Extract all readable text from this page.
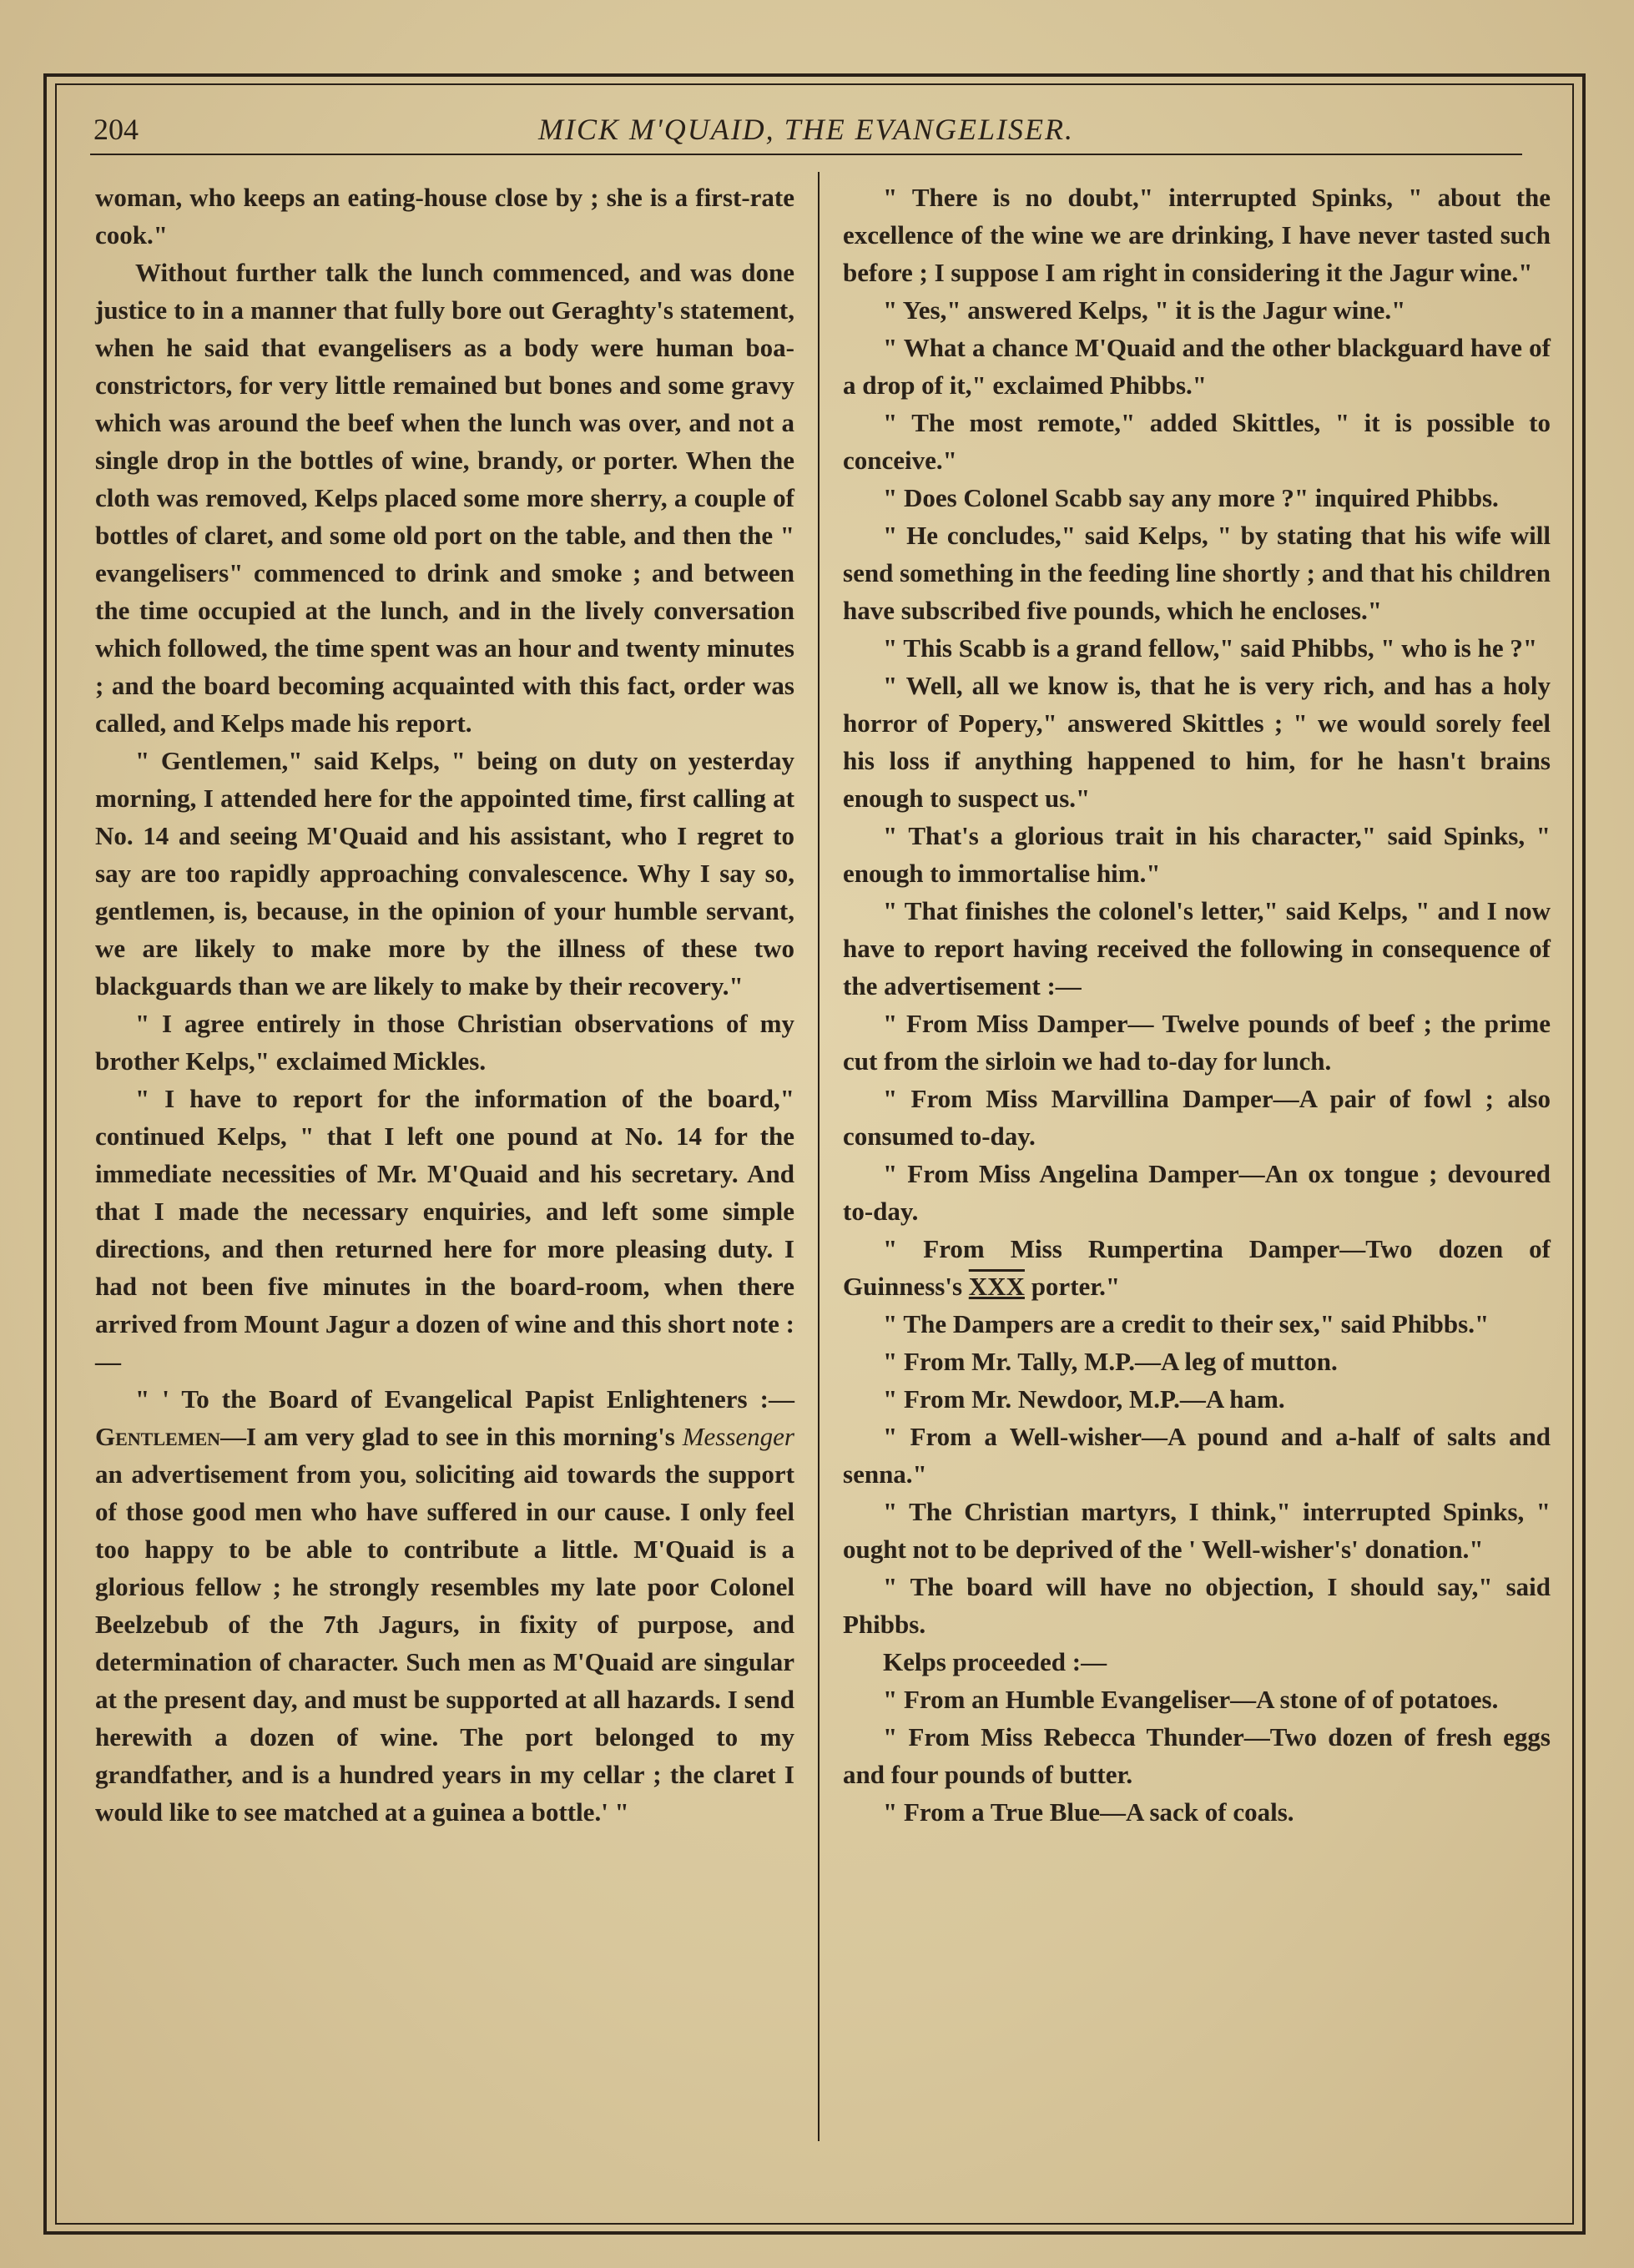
204	MICK M'QUAID, THE EVANGELISER.

woman, who keeps an eating-house close by ; she is a first-rate cook."

Without further talk the lunch commenced, and was done justice to in a manner that fully bore out Geraghty's statement, when he said that evangelisers as a body were human boa-constrictors, for very little remained but bones and some gravy which was around the beef when the lunch was over, and not a single drop in the bottles of wine, brandy, or porter. When the cloth was removed, Kelps placed some more sherry, a couple of bottles of claret, and some old port on the table, and then the " evangelisers" commenced to drink and smoke ; and between the time occupied at the lunch, and in the lively conversation which followed, the time spent was an hour and twenty minutes ; and the board becoming acquainted with this fact, order was called, and Kelps made his report.

" Gentlemen," said Kelps, " being on duty on yesterday morning, I attended here for the appointed time, first calling at No. 14 and seeing M'Quaid and his assistant, who I regret to say are too rapidly approaching convalescence. Why I say so, gentlemen, is, because, in the opinion of your humble servant, we are likely to make more by the illness of these two blackguards than we are likely to make by their recovery."

" I agree entirely in those Christian observations of my brother Kelps," exclaimed Mickles.

" I have to report for the information of the board," continued Kelps, " that I left one pound at No. 14 for the immediate necessities of Mr. M'Quaid and his secretary. And that I made the necessary enquiries, and left some simple directions, and then returned here for more pleasing duty. I had not been five minutes in the board-room, when there arrived from Mount Jagur a dozen of wine and this short note :—

" ' To the Board of Evangelical Papist Enlighteners :—Gentlemen—I am very glad to see in this morning's Messenger an advertisement from you, soliciting aid towards the support of those good men who have suffered in our cause. I only feel too happy to be able to contribute a little. M'Quaid is a glorious fellow ; he strongly resembles my late poor Colonel Beelzebub of the 7th Jagurs, in fixity of purpose, and determination of character. Such men as M'Quaid are singular at the present day, and must be supported at all hazards. I send herewith a dozen of wine. The port belonged to my grandfather, and is a hundred years in my cellar ; the claret I would like to see matched at a guinea a bottle.' "

" There is no doubt," interrupted Spinks, " about the excellence of the wine we are drinking, I have never tasted such before ; I suppose I am right in considering it the Jagur wine."

" Yes," answered Kelps, " it is the Jagur wine."

" What a chance M'Quaid and the other blackguard have of a drop of it," exclaimed Phibbs."

" The most remote," added Skittles, " it is possible to conceive."

" Does Colonel Scabb say any more ?" inquired Phibbs.

" He concludes," said Kelps, " by stating that his wife will send something in the feeding line shortly ; and that his children have subscribed five pounds, which he encloses."

" This Scabb is a grand fellow," said Phibbs, " who is he ?"

" Well, all we know is, that he is very rich, and has a holy horror of Popery," answered Skittles ; " we would sorely feel his loss if anything happened to him, for he hasn't brains enough to suspect us."

" That's a glorious trait in his character," said Spinks, " enough to immortalise him."

" That finishes the colonel's letter," said Kelps, " and I now have to report having received the following in consequence of the advertisement :—

" From Miss Damper— Twelve pounds of beef ; the prime cut from the sirloin we had to-day for lunch.

" From Miss Marvillina Damper—A pair of fowl ; also consumed to-day.

" From Miss Angelina Damper—An ox tongue ; devoured to-day.

" From Miss Rumpertina Damper—Two dozen of Guinness's XXX porter."

" The Dampers are a credit to their sex," said Phibbs."

" From Mr. Tally, M.P.—A leg of mutton.

" From Mr. Newdoor, M.P.—A ham.

" From a Well-wisher—A pound and a-half of salts and senna."

" The Christian martyrs, I think," interrupted Spinks, " ought not to be deprived of the ' Well-wisher's' donation."

" The board will have no objection, I should say," said Phibbs.

Kelps proceeded :—

" From an Humble Evangeliser—A stone of of potatoes.

" From Miss Rebecca Thunder—Two dozen of fresh eggs and four pounds of butter.

" From a True Blue—A sack of coals.
